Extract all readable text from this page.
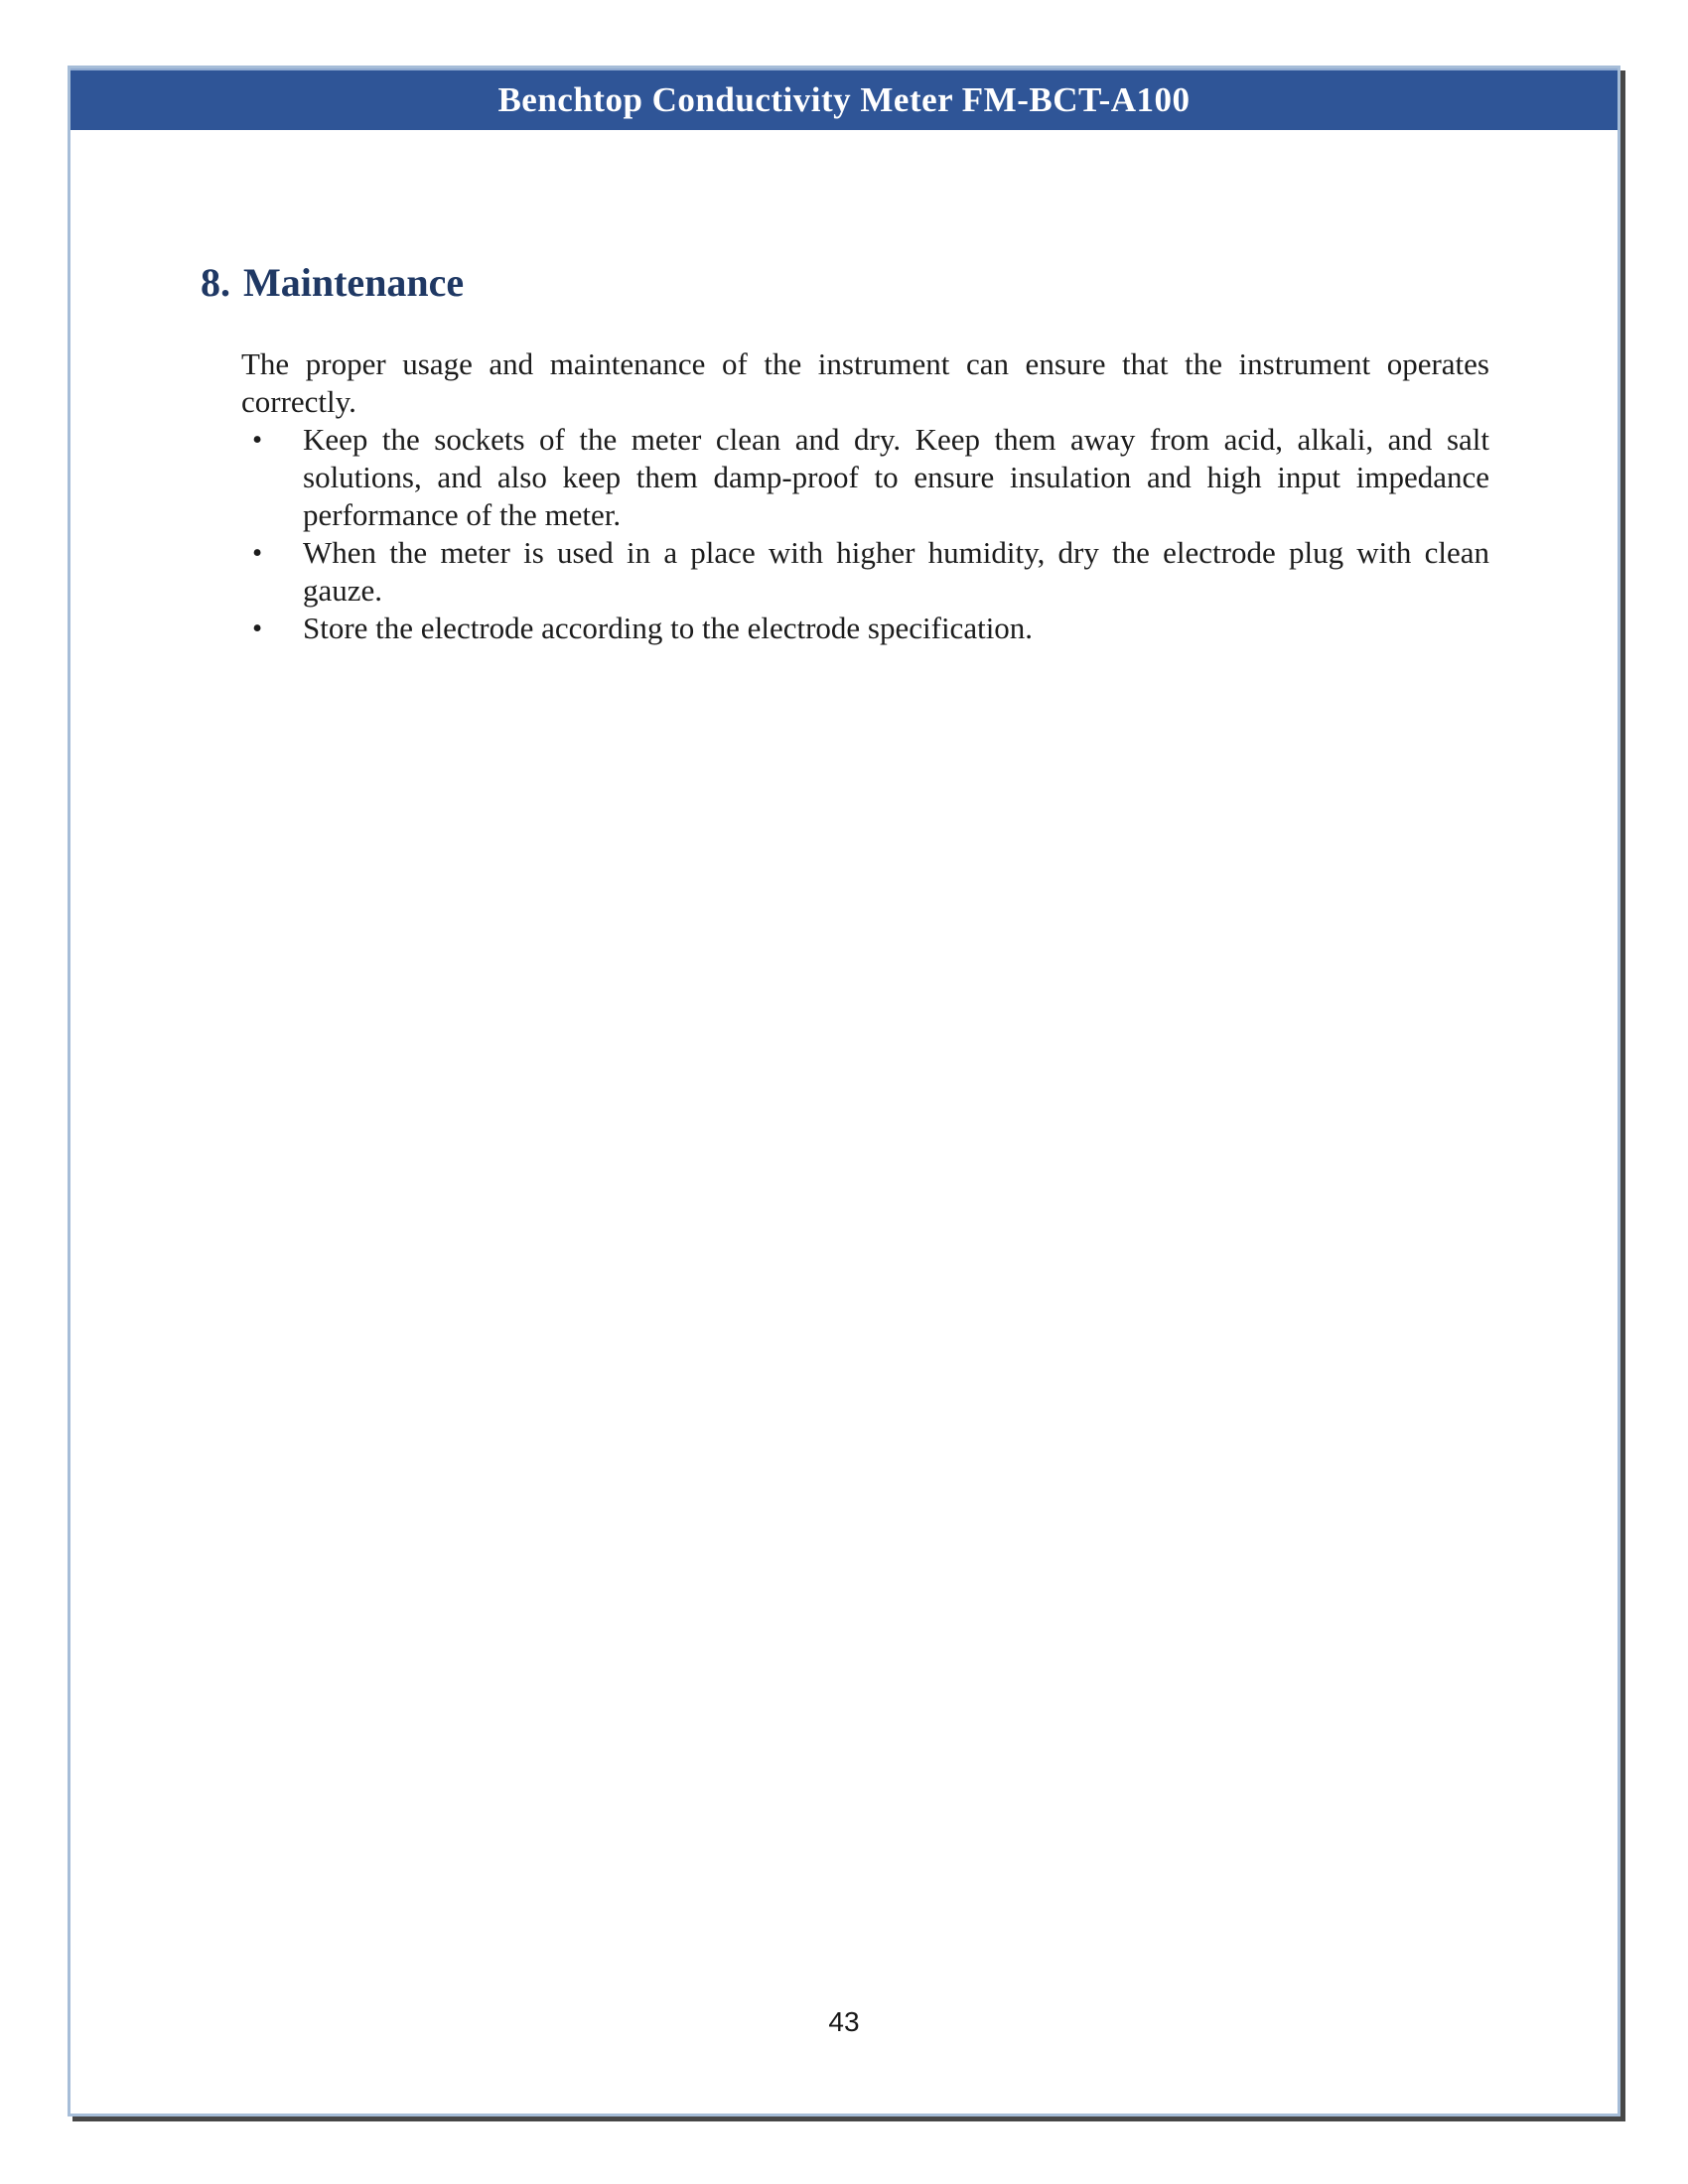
Benchtop Conductivity Meter FM-BCT-A100
8. Maintenance

The proper usage and maintenance of the instrument can ensure that the instrument operates correctly.

• Keep the sockets of the meter clean and dry. Keep them away from acid, alkali, and salt solutions, and also keep them damp-proof to ensure insulation and high input impedance performance of the meter.
• When the meter is used in a place with higher humidity, dry the electrode plug with clean gauze.
• Store the electrode according to the electrode specification.
43
